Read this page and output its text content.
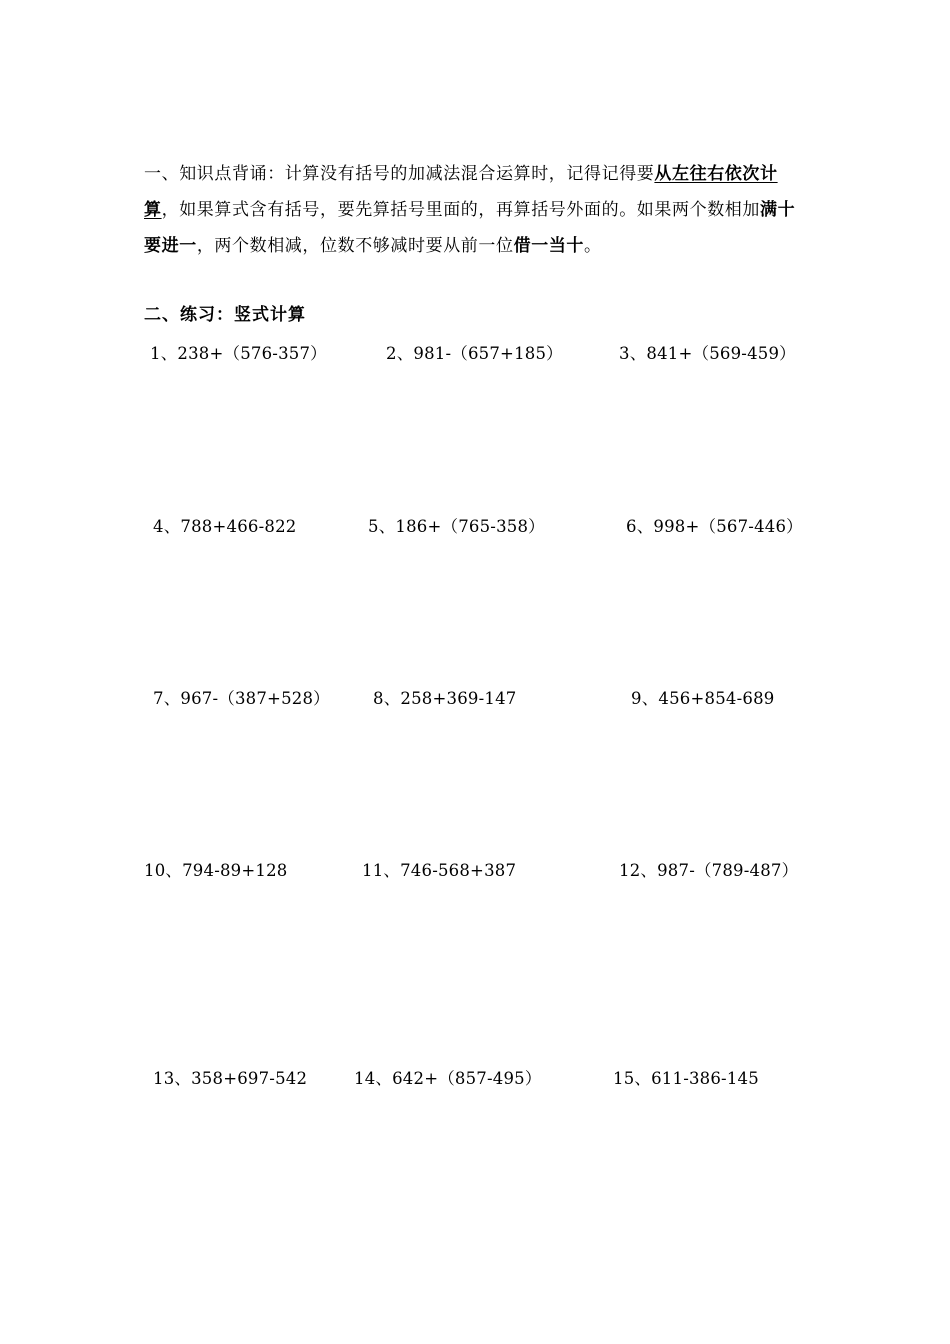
一、知识点背诵：计算没有括号的加减法混合运算时，记得记得要从左往右依次计算，如果算式含有括号，要先算括号里面的，再算括号外面的。如果两个数相加满十要进一，两个数相减，位数不够减时要从前一位借一当十。

二、练习：竖式计算
1、238+（576-357）	2、981-（657+185）	3、841+（569-459）
4、788+466-822	5、186+（765-358）	6、998+（567-446）
7、967-（387+528）	8、258+369-147	9、456+854-689
10、794-89+128	11、746-568+387	12、987-（789-487）
13、358+697-542	14、642+（857-495）	15、611-386-145
